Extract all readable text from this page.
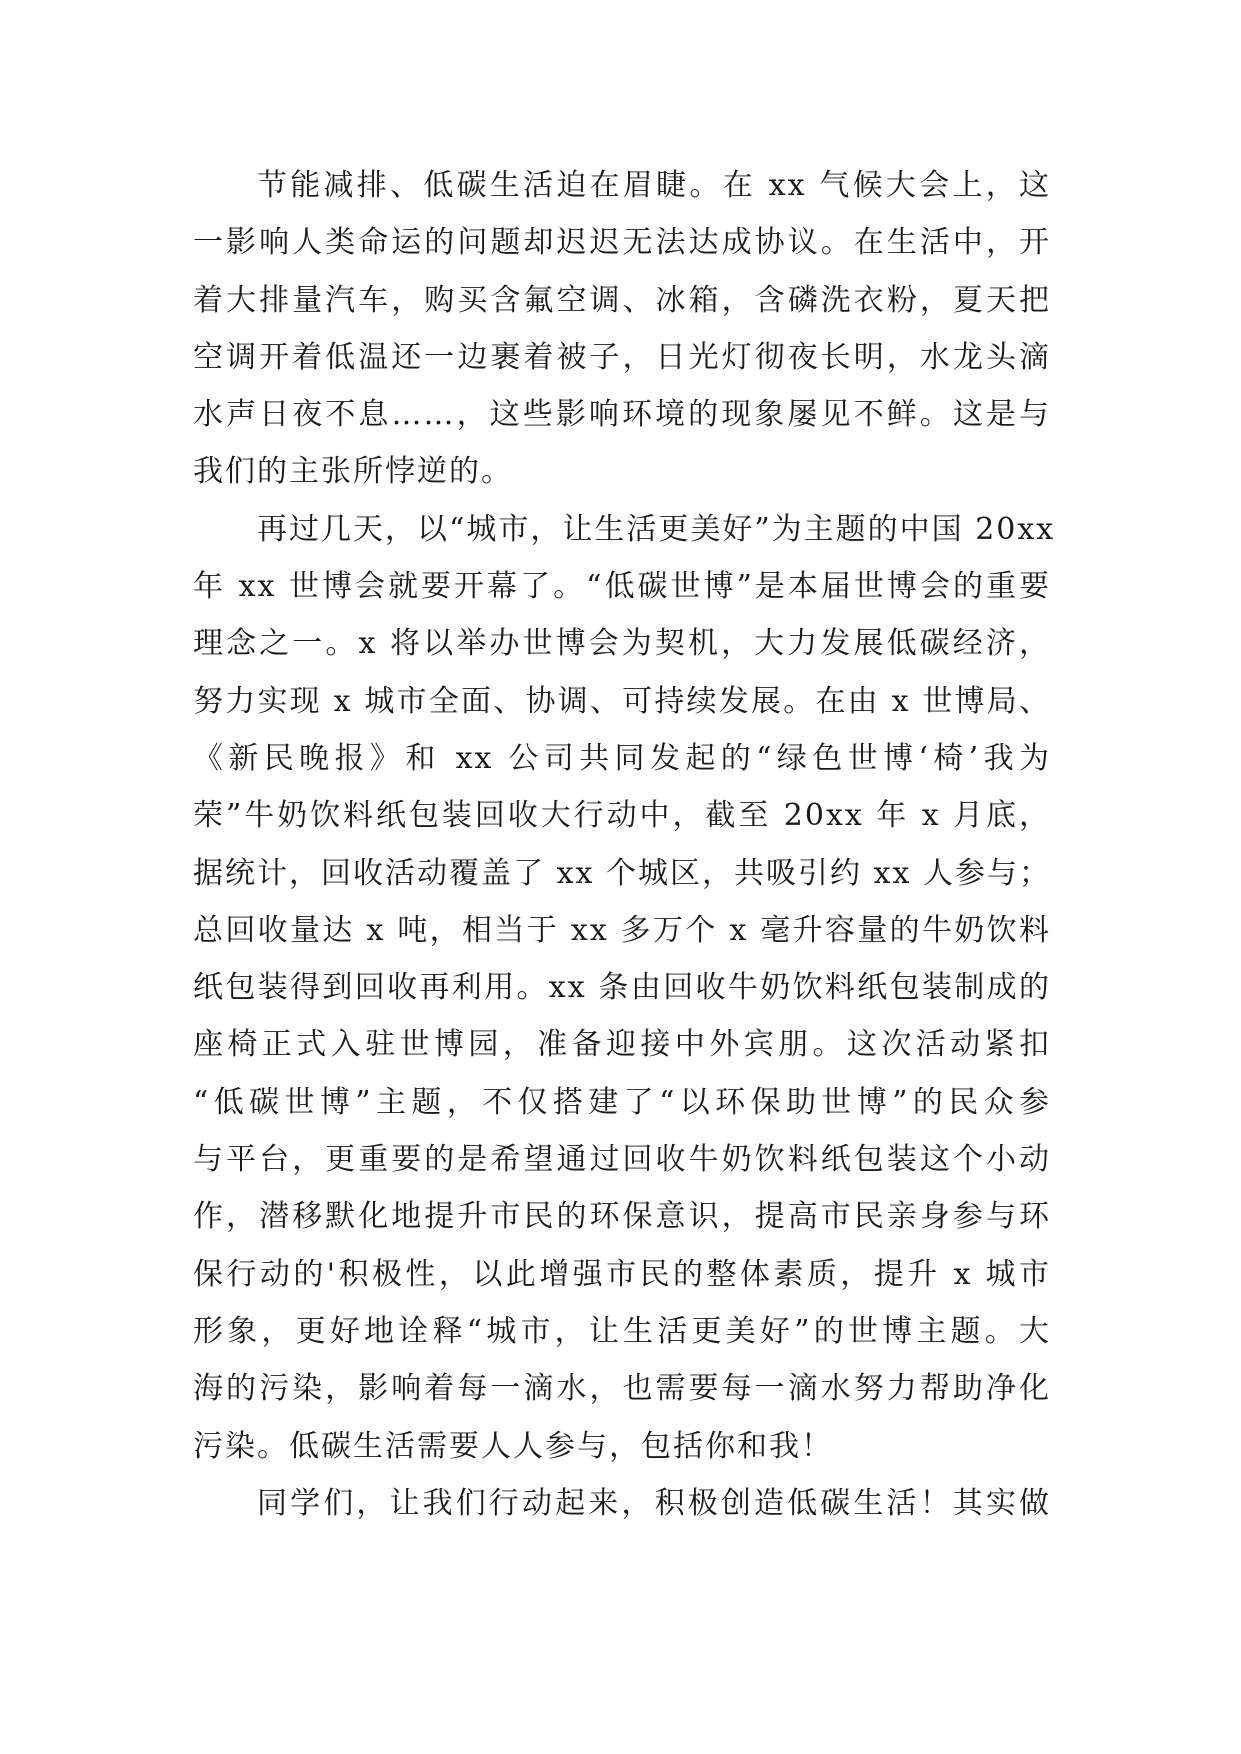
节能减排、低碳生活迫在眉睫。在 xx 气候大会上，这
一影响人类命运的问题却迟迟无法达成协议。在生活中，开
着大排量汽车，购买含氟空调、冰箱，含磷洗衣粉，夏天把
空调开着低温还一边裹着被子，日光灯彻夜长明，水龙头滴
水声日夜不息……，这些影响环境的现象屡见不鲜。这是与
我们的主张所悖逆的。
再过几天，以“城市，让生活更美好”为主题的中国 20xx
年 xx 世博会就要开幕了。“低碳世博”是本届世博会的重要
理念之一。x 将以举办世博会为契机，大力发展低碳经济，
努力实现 x 城市全面、协调、可持续发展。在由 x 世博局、
《新民晚报》和 xx 公司共同发起的“绿色世博‘椅’我为
荣”牛奶饮料纸包装回收大行动中，截至 20xx 年 x 月底，
据统计，回收活动覆盖了 xx 个城区，共吸引约 xx 人参与；
总回收量达 x 吨，相当于 xx 多万个 x 毫升容量的牛奶饮料
纸包装得到回收再利用。xx 条由回收牛奶饮料纸包装制成的
座椅正式入驻世博园，准备迎接中外宾朋。这次活动紧扣
“低碳世博”主题，不仅搭建了“以环保助世博”的民众参
与平台，更重要的是希望通过回收牛奶饮料纸包装这个小动
作，潜移默化地提升市民的环保意识，提高市民亲身参与环
保行动的'积极性，以此增强市民的整体素质，提升 x 城市
形象，更好地诠释“城市，让生活更美好”的世博主题。大
海的污染，影响着每一滴水，也需要每一滴水努力帮助净化
污染。低碳生活需要人人参与，包括你和我！
同学们，让我们行动起来，积极创造低碳生活！其实做
